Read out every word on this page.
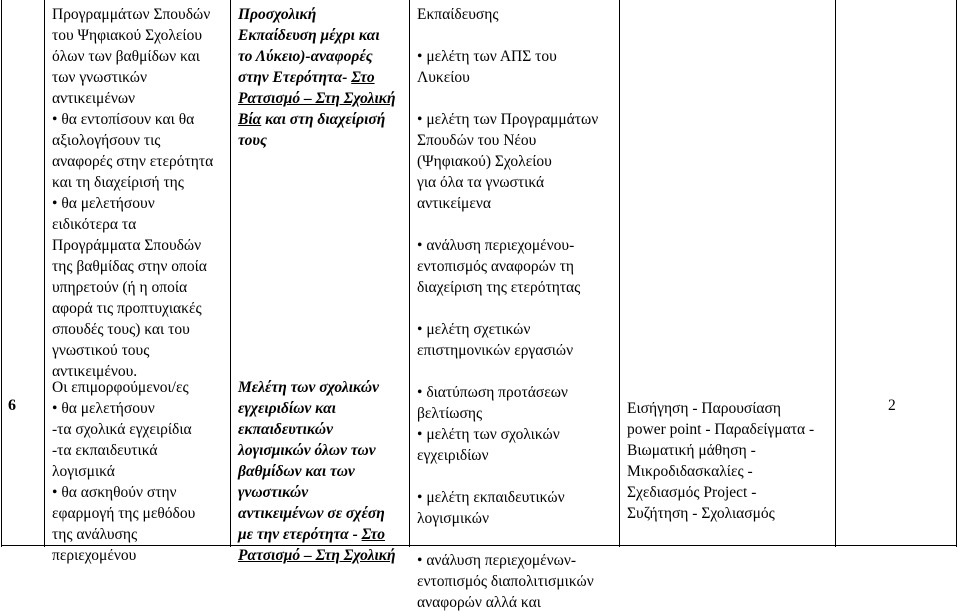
6

Προγραμμάτων Σπουδών

του Ψηφιακού Σχολείου

όλων των βαθμίδων και

των γνωστικών

αντικειμένων

• θα εντοπίσουν και θα

αξιολογήσουν τις

αναφορές στην ετερότητα

και τη διαχείρισή της

• θα μελετήσουν

ειδικότερα τα

Προγράμματα Σπουδών

της βαθμίδας στην οποία

υπηρετούν (ή η οποία

αφορά τις προπτυχιακές

σπουδές τους) και του

γνωστικού τους

αντικειμένου.

Οι επιμορφούμενοι/ες

• θα μελετήσουν

-τα σχολικά εγχειρίδια

-τα εκπαιδευτικά

λογισμικά

• θα ασκηθούν στην

εφαρμογή της μεθόδου

της ανάλυσης

περιεχομένου

Προσχολική

Εκπαίδευση μέχρι και

το Λύκειο)-αναφορές

στην Ετερότητα- Στο

Ρατσισμό – Στη Σχολική

Βία και στη διαχείρισή

τους

Μελέτη των σχολικών

εγχειριδίων και

εκπαιδευτικών

λογισμικών όλων των

βαθμίδων και των

γνωστικών

αντικειμένων σε σχέση

με την ετερότητα - Στο

Ρατσισμό – Στη Σχολική

Εκπαίδευσης

• μελέτη των ΑΠΣ του

Λυκείου

• μελέτη των Προγραμμάτων

Σπουδών του Νέου

(Ψηφιακού) Σχολείου

για όλα τα γνωστικά

αντικείμενα

• ανάλυση περιεχομένου-

εντοπισμός αναφορών τη

διαχείριση της ετερότητας

• μελέτη σχετικών

επιστημονικών εργασιών

• διατύπωση προτάσεων

βελτίωσης

• μελέτη των σχολικών

εγχειριδίων

• μελέτη εκπαιδευτικών

λογισμικών

• ανάλυση περιεχομένων-

εντοπισμός διαπολιτισμικών

αναφορών αλλά και

Εισήγηση - Παρουσίαση

power point - Παραδείγματα -

Βιωματική μάθηση -

Μικροδιδασκαλίες -

Σχεδιασμός Project -

Συζήτηση - Σχολιασμός

2
